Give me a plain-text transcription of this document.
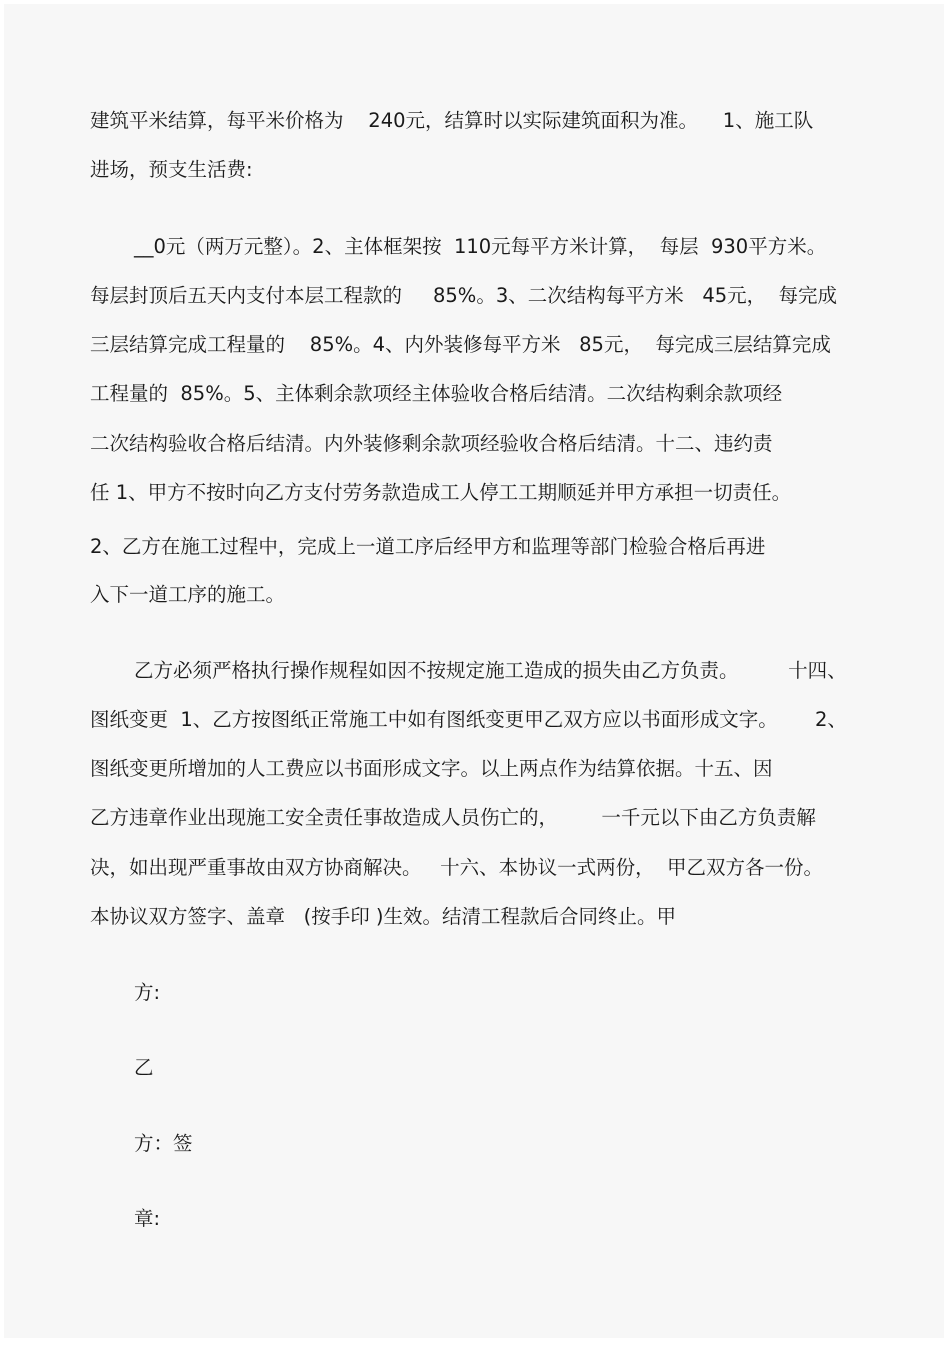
建筑平米结算，每平米价格为    240元，结算时以实际建筑面积为准。    1、施工队
进场，预支生活费:
__0元（两万元整）。2、主体框架按  110元每平方米计算，  每层  930平方米。
每层封顶后五天内支付本层工程款的     85%。3、二次结构每平方米   45元，  每完成
三层结算完成工程量的    85%。4、内外装修每平方米   85元，  每完成三层结算完成
工程量的  85%。5、主体剩余款项经主体验收合格后结清。二次结构剩余款项经
二次结构验收合格后结清。内外装修剩余款项经验收合格后结清。十二、违约责
任 1、甲方不按时向乙方支付劳务款造成工人停工工期顺延并甲方承担一切责任。
2、乙方在施工过程中，完成上一道工序后经甲方和监理等部门检验合格后再进
入下一道工序的施工。
乙方必须严格执行操作规程如因不按规定施工造成的损失由乙方负责。        十四、
图纸变更  1、乙方按图纸正常施工中如有图纸变更甲乙双方应以书面形成文字。      2、
图纸变更所增加的人工费应以书面形成文字。以上两点作为结算依据。十五、因
乙方违章作业出现施工安全责任事故造成人员伤亡的，       一千元以下由乙方负责解
决，如出现严重事故由双方协商解决。   十六、本协议一式两份，  甲乙双方各一份。
本协议双方签字、盖章   (按手印 )生效。结清工程款后合同终止。甲
方:
乙
方：签
章:
